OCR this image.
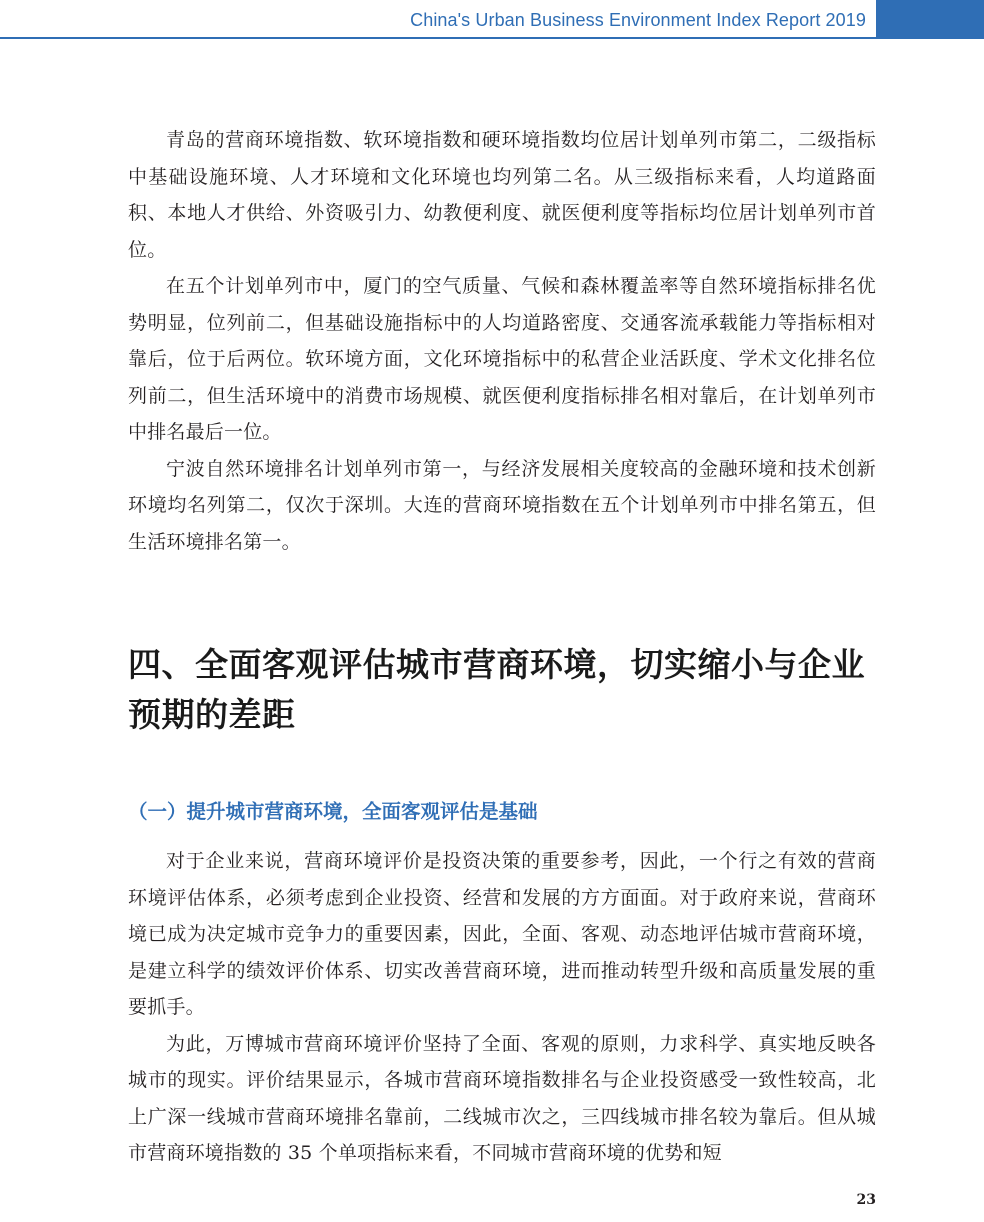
China's Urban Business Environment Index Report 2019

青岛的营商环境指数、软环境指数和硬环境指数均位居计划单列市第二，二级指标中基础设施环境、人才环境和文化环境也均列第二名。从三级指标来看，人均道路面积、本地人才供给、外资吸引力、幼教便利度、就医便利度等指标均位居计划单列市首位。

在五个计划单列市中，厦门的空气质量、气候和森林覆盖率等自然环境指标排名优势明显，位列前二，但基础设施指标中的人均道路密度、交通客流承载能力等指标相对靠后，位于后两位。软环境方面，文化环境指标中的私营企业活跃度、学术文化排名位列前二，但生活环境中的消费市场规模、就医便利度指标排名相对靠后，在计划单列市中排名最后一位。

宁波自然环境排名计划单列市第一，与经济发展相关度较高的金融环境和技术创新环境均名列第二，仅次于深圳。大连的营商环境指数在五个计划单列市中排名第五，但生活环境排名第一。

四、全面客观评估城市营商环境，切实缩小与企业预期的差距
（一）提升城市营商环境，全面客观评估是基础

对于企业来说，营商环境评价是投资决策的重要参考，因此，一个行之有效的营商环境评估体系，必须考虑到企业投资、经营和发展的方方面面。对于政府来说，营商环境已成为决定城市竞争力的重要因素，因此，全面、客观、动态地评估城市营商环境，是建立科学的绩效评价体系、切实改善营商环境，进而推动转型升级和高质量发展的重要抓手。

为此，万博城市营商环境评价坚持了全面、客观的原则，力求科学、真实地反映各城市的现实。评价结果显示，各城市营商环境指数排名与企业投资感受一致性较高，北上广深一线城市营商环境排名靠前，二线城市次之，三四线城市排名较为靠后。但从城市营商环境指数的 35 个单项指标来看，不同城市营商环境的优势和短

23
